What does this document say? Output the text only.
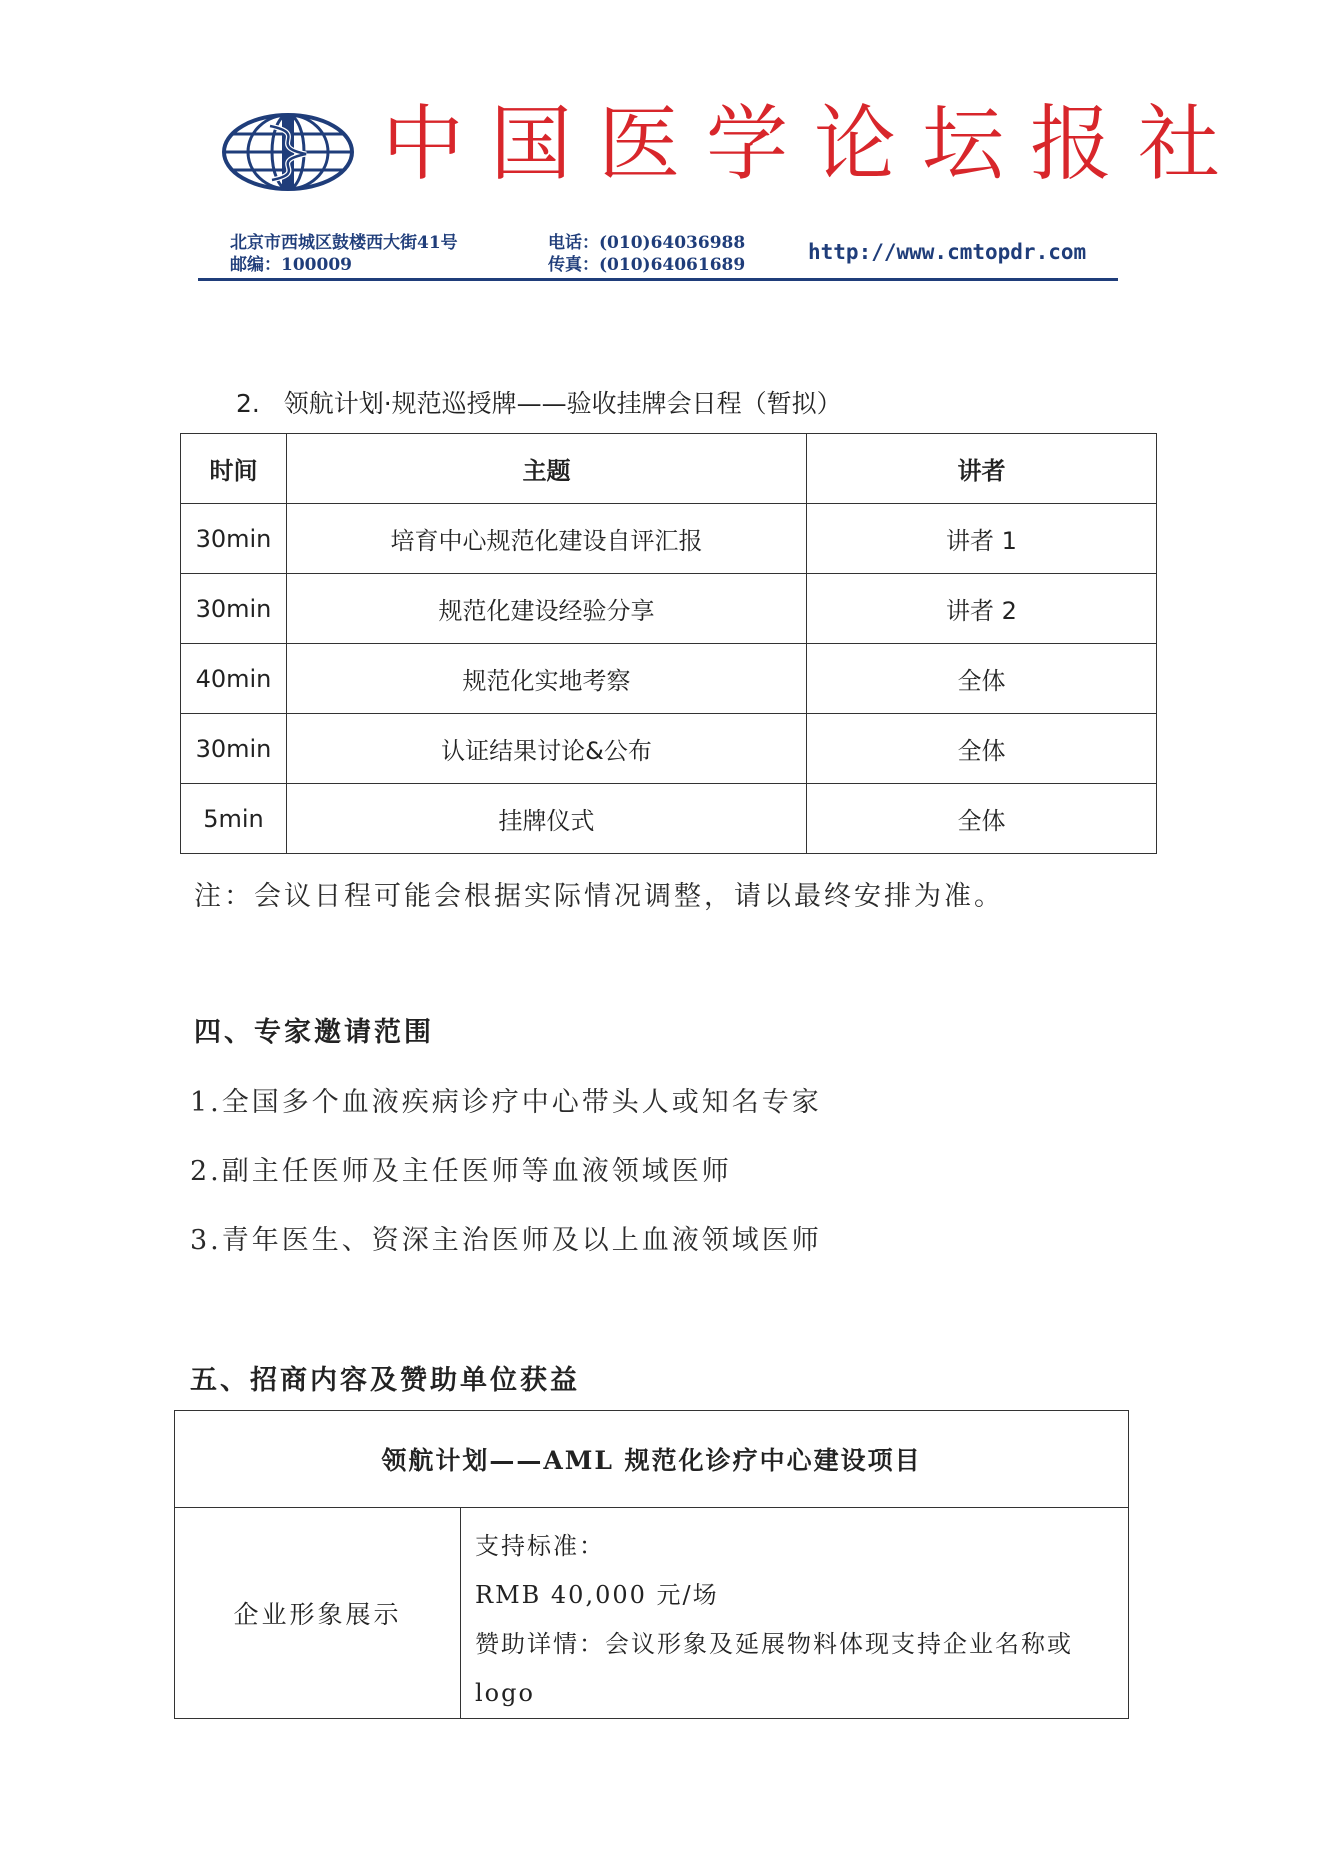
中国医学论坛报社
北京市西城区鼓楼西大街41号
邮编：100009
电话：(010)64036988
传真：(010)64061689
http://www.cmtopdr.com
2.   领航计划·规范巡授牌——验收挂牌会日程（暂拟）
时间	主题	讲者
30min	培育中心规范化建设自评汇报	讲者 1
30min	规范化建设经验分享	讲者 2
40min	规范化实地考察	全体
30min	认证结果讨论&公布	全体
5min	挂牌仪式	全体
注：会议日程可能会根据实际情况调整，请以最终安排为准。
四、专家邀请范围
1.全国多个血液疾病诊疗中心带头人或知名专家
2.副主任医师及主任医师等血液领域医师
3.青年医生、资深主治医师及以上血液领域医师
五、招商内容及赞助单位获益
领航计划——AML 规范化诊疗中心建设项目
企业形象展示	
支持标准：
RMB 40,000 元/场
赞助详情：会议形象及延展物料体现支持企业名称或
logo
